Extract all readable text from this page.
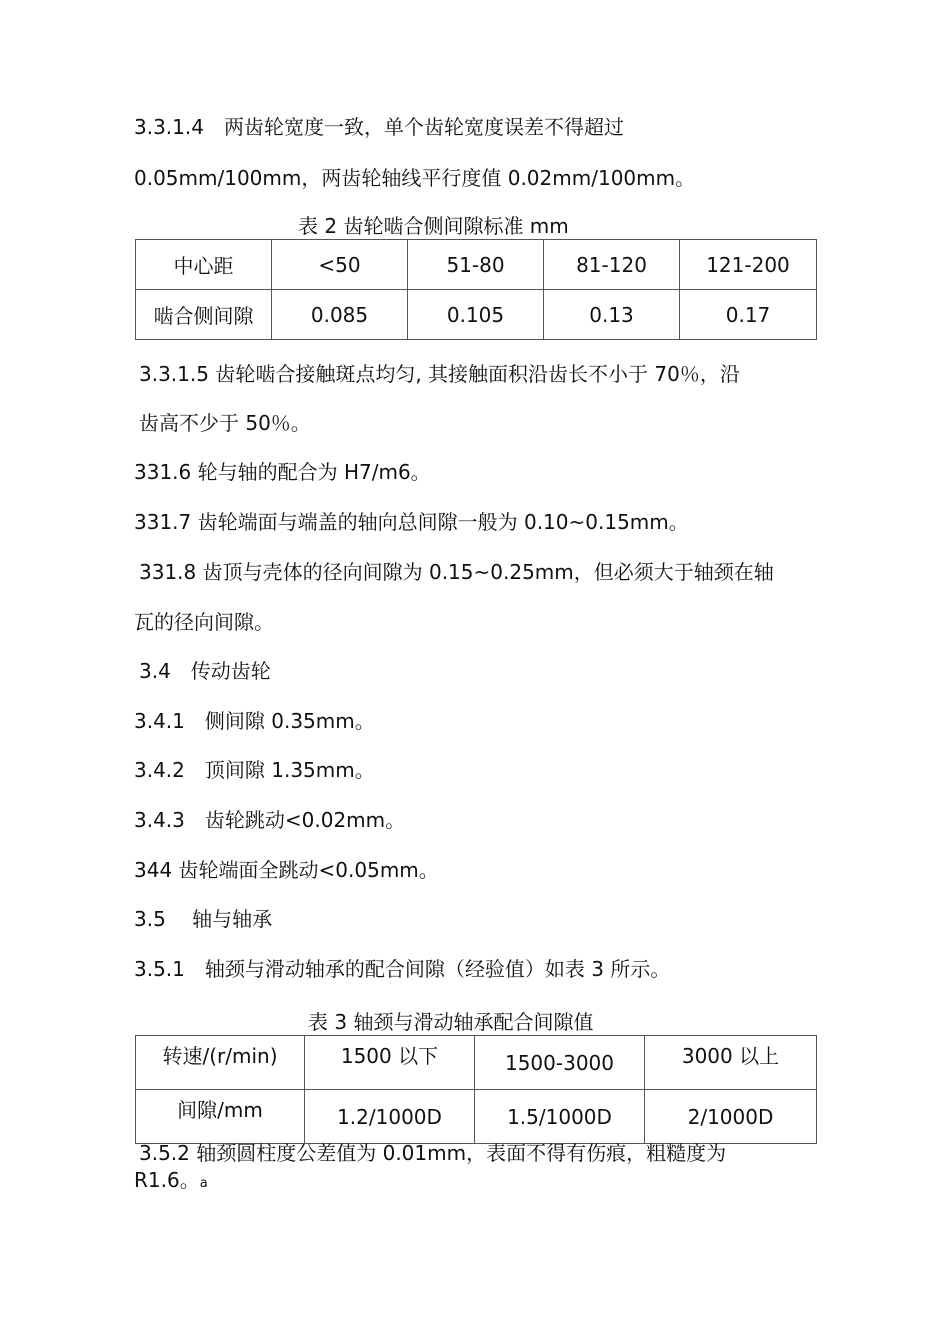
3.3.1.4　两齿轮宽度一致，单个齿轮宽度误差不得超过
0.05mm/100mm，两齿轮轴线平行度值 0.02mm/100mm。
表 2 齿轮啮合侧间隙标准 mm
中心距	<50	51-80	81-120	121-200
啮合侧间隙	0.085	0.105	0.13	0.17
3.3.1.5 齿轮啮合接触斑点均匀, 其接触面积沿齿长不小于 70％，沿
齿高不少于 50％。
331.6 轮与轴的配合为 H7/m6。
331.7 齿轮端面与端盖的轴向总间隙一般为 0.10~0.15mm。
331.8 齿顶与壳体的径向间隙为 0.15~0.25mm，但必须大于轴颈在轴
瓦的径向间隙。
3.4　传动齿轮
3.4.1　侧间隙 0.35mm。
3.4.2　顶间隙 1.35mm。
3.4.3　齿轮跳动<0.02mm。
344 齿轮端面全跳动<0.05mm。
3.5　 轴与轴承
3.5.1　轴颈与滑动轴承的配合间隙（经验值）如表 3 所示。
表 3 轴颈与滑动轴承配合间隙值
转速/(r/min)	1500 以下	1500-3000	3000 以上
间隙/mm	1.2/1000D	1.5/1000D	2/1000D
3.5.2 轴颈圆柱度公差值为 0.01mm，表面不得有伤痕，粗糙度为
R1.6。a
